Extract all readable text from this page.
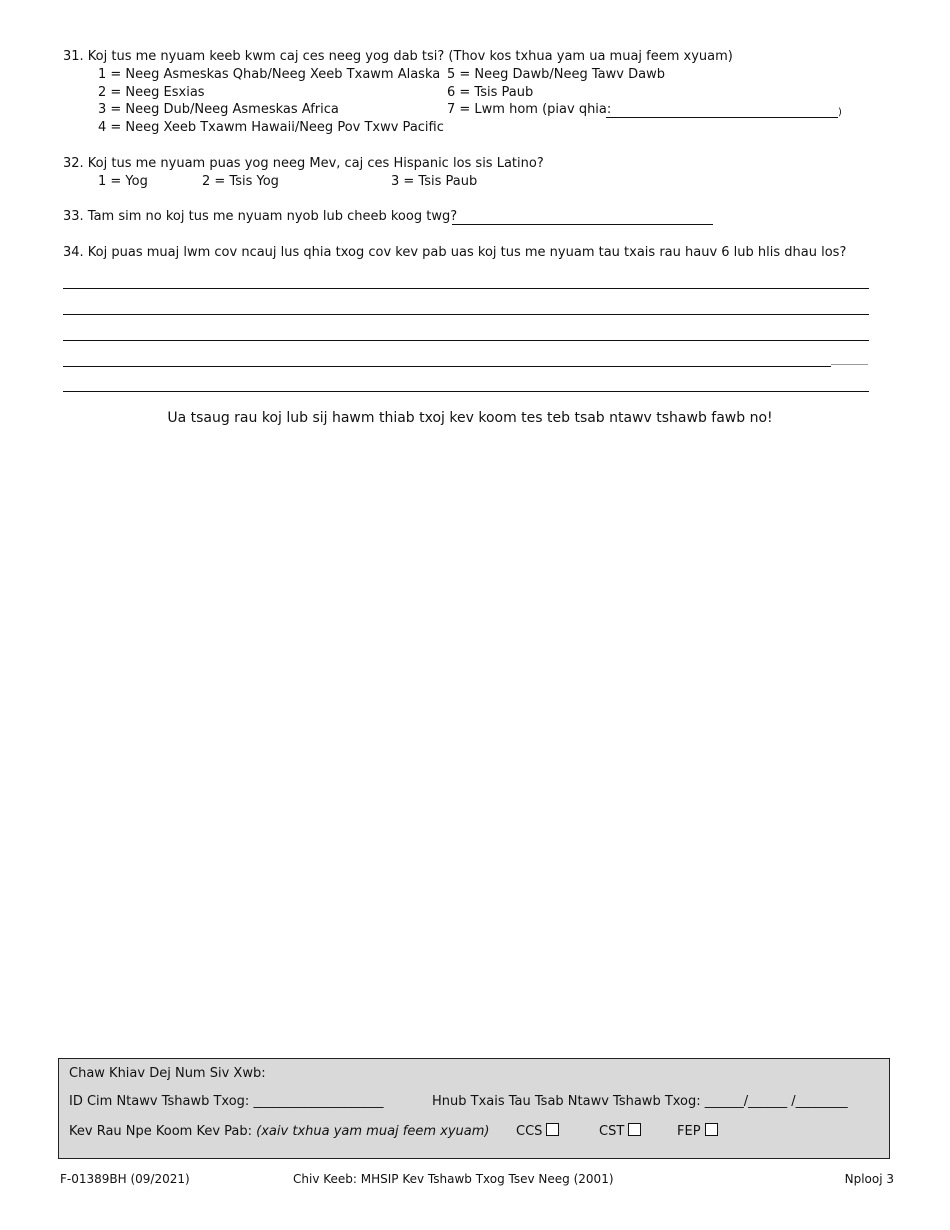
31. Koj tus me nyuam keeb kwm caj ces neeg yog dab tsi? (Thov kos txhua yam ua muaj feem xyuam)
1 = Neeg Asmeskas Qhab/Neeg Xeeb Txawm Alaska
2 = Neeg Esxias
3 = Neeg Dub/Neeg Asmeskas Africa
4 = Neeg Xeeb Txawm Hawaii/Neeg Pov Txwv Pacific
5 = Neeg Dawb/Neeg Tawv Dawb
6 = Tsis Paub
7 = Lwm hom (piav qhia:	)
32. Koj tus me nyuam puas yog neeg Mev, caj ces Hispanic los sis Latino?
1 = Yog	2 = Tsis Yog	3 = Tsis Paub
33. Tam sim no koj tus me nyuam nyob lub cheeb koog twg?
34. Koj puas muaj lwm cov ncauj lus qhia txog cov kev pab uas koj tus me nyuam tau txais rau hauv 6 lub hlis dhau los?
Ua tsaug rau koj lub sij hawm thiab txoj kev koom tes teb tsab ntawv tshawb fawb no!
Chaw Khiav Dej Num Siv Xwb:
ID Cim Ntawv Tshawb Txog: ____________________	Hnub Txais Tau Tsab Ntawv Tshawb Txog: ______/______ /________
Kev Rau Npe Koom Kev Pab: (xaiv txhua yam muaj feem xyuam) CCS	CST	FEP
F-01389BH (09/2021)	Chiv Keeb: MHSIP Kev Tshawb Txog Tsev Neeg (2001)	Nplooj 3
